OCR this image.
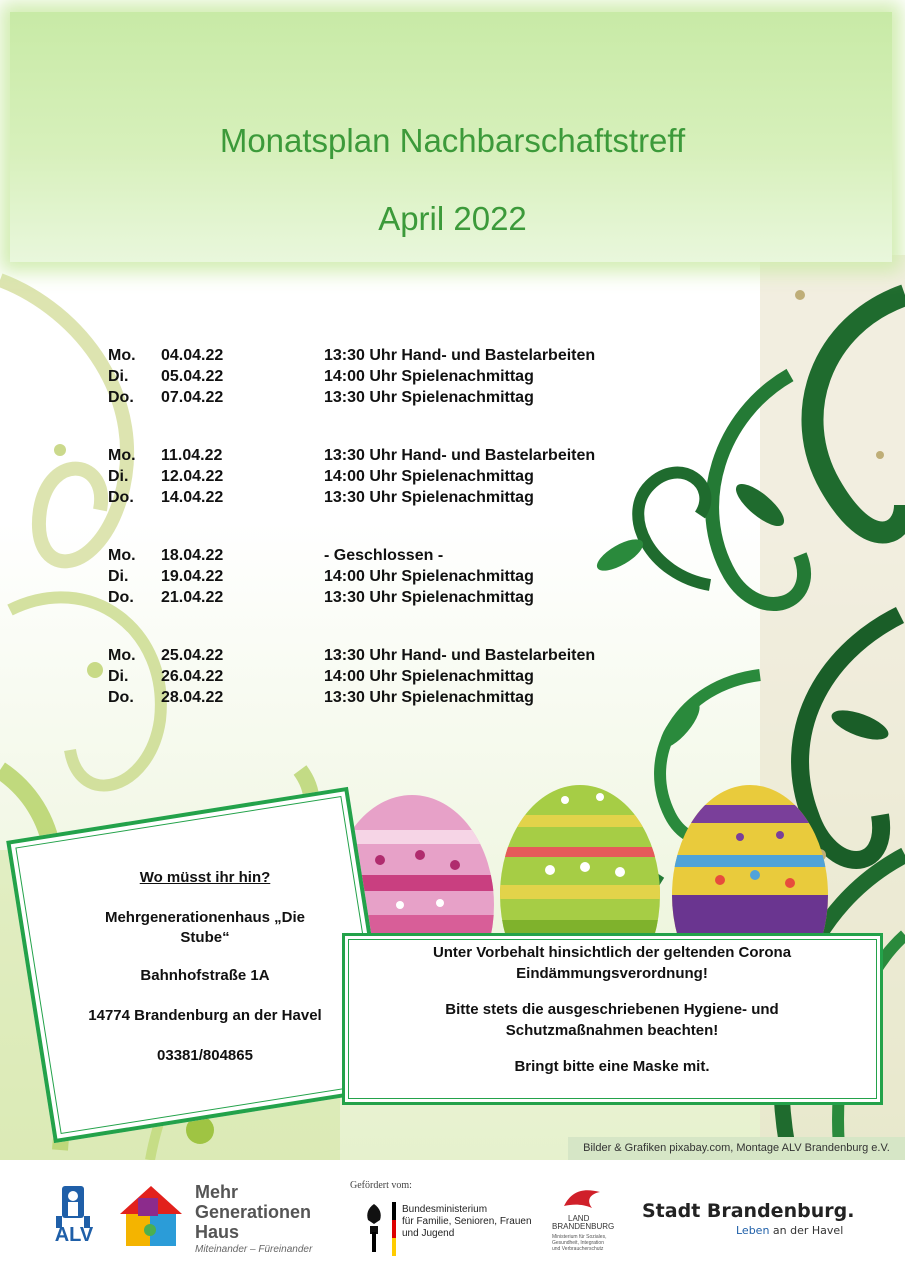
Monatsplan Nachbarschaftstreff
April 2022
Mo.	04.04.22	13:30 Uhr Hand- und Bastelarbeiten
Di.	05.04.22	14:00 Uhr Spielenachmittag
Do.	07.04.22	13:30 Uhr Spielenachmittag
Mo.	11.04.22	13:30 Uhr Hand- und Bastelarbeiten
Di.	12.04.22	14:00 Uhr Spielenachmittag
Do.	14.04.22	13:30 Uhr Spielenachmittag
Mo.	18.04.22	- Geschlossen -
Di.	19.04.22	14:00 Uhr Spielenachmittag
Do.	21.04.22	13:30 Uhr Spielenachmittag
Mo.	25.04.22	13:30 Uhr Hand- und Bastelarbeiten
Di.	26.04.22	14:00 Uhr Spielenachmittag
Do.	28.04.22	13:30 Uhr Spielenachmittag

Wo müsst ihr hin?

Mehrgenerationenhaus „Die Stube“

Bahnhofstraße 1A

14774 Brandenburg an der Havel

03381/804865

Unter Vorbehalt hinsichtlich der geltenden Corona Eindämmungsverordnung!

Bitte stets die ausgeschriebenen Hygiene- und Schutzmaßnahmen beachten!

Bringt bitte eine Maske mit.

Bilder & Grafiken pixabay.com, Montage ALV Brandenburg e.V.
ALV
Mehr
Generationen
Haus
Miteinander – Füreinander
Gefördert vom:
Bundesministerium
für Familie, Senioren, Frauen
und Jugend
LAND
BRANDENBURG
Ministerium für Soziales,
Gesundheit, Integration
und Verbraucherschutz
Stadt Brandenburg.
Leben an der Havel
